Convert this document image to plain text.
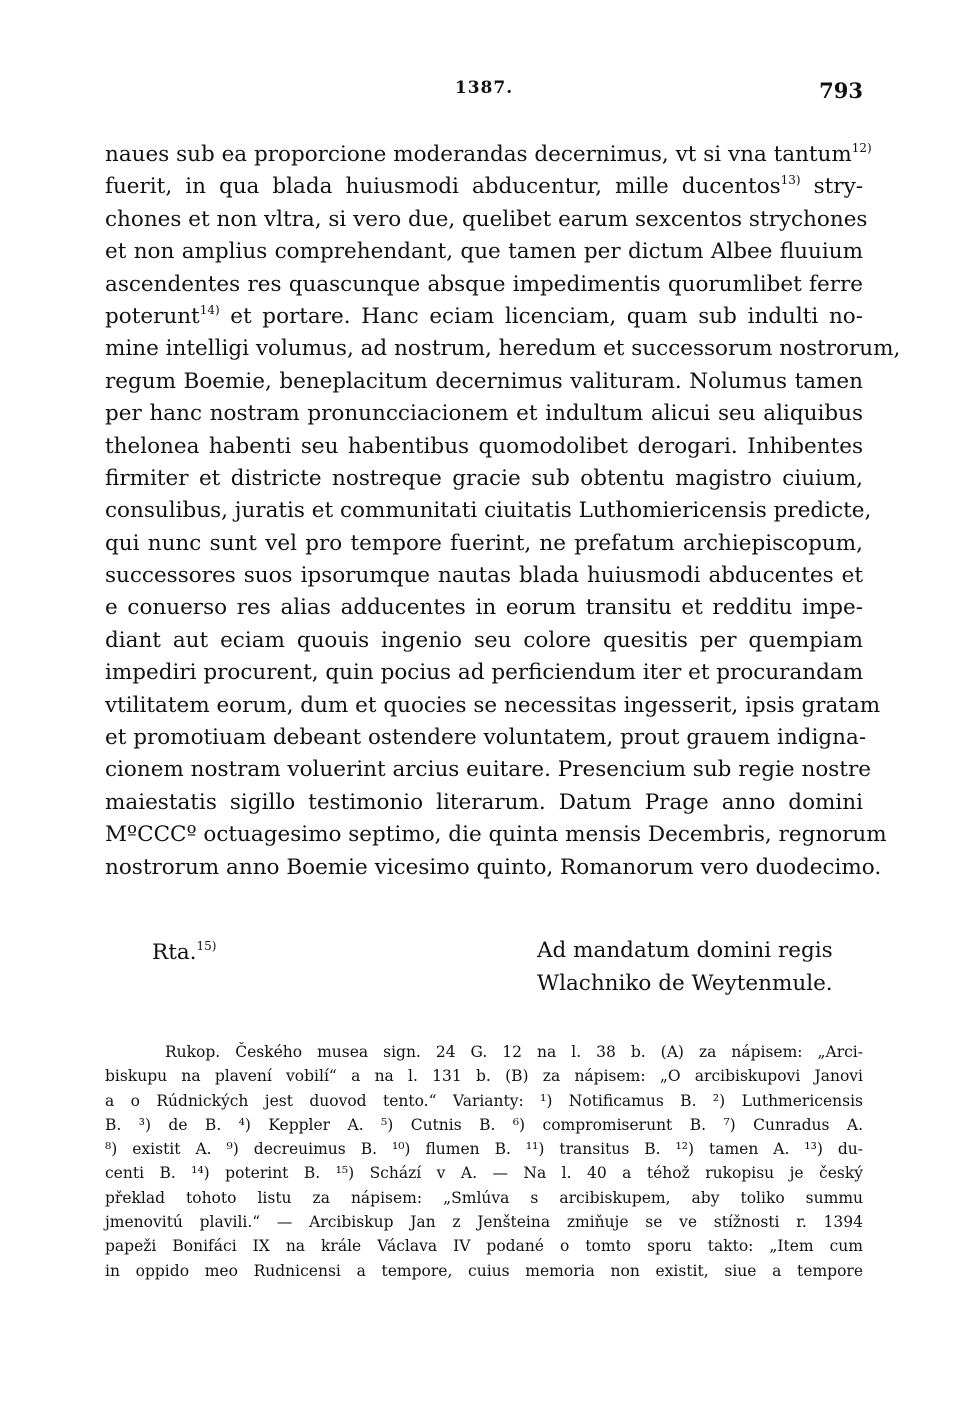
1387.	793
naues sub ea proporcione moderandas decernimus, vt si vna tantum$^{12)}$
fuerit, in qua blada huiusmodi abducentur, mille ducentos$^{13)}$ stry-
chones et non vltra, si vero due, quelibet earum sexcentos strychones
et non amplius comprehendant, que tamen per dictum Albee fluuium
ascendentes res quascunque absque impedimentis quorumlibet ferre
poterunt$^{14)}$ et portare. Hanc eciam licenciam, quam sub indulti no-
mine intelligi volumus, ad nostrum, heredum et successorum nostrorum,
regum Boemie, beneplacitum decernimus valituram. Nolumus tamen
per hanc nostram pronuncciacionem et indultum alicui seu aliquibus
thelonea habenti seu habentibus quomodolibet derogari. Inhibentes
firmiter et districte nostreque gracie sub obtentu magistro ciuium,
consulibus, juratis et communitati ciuitatis Luthomiericensis predicte,
qui nunc sunt vel pro tempore fuerint, ne prefatum archiepiscopum,
successores suos ipsorumque nautas blada huiusmodi abducentes et
e conuerso res alias adducentes in eorum transitu et redditu impe-
diant aut eciam quouis ingenio seu colore quesitis per quempiam
impediri procurent, quin pocius ad perficiendum iter et procurandam
vtilitatem eorum, dum et quocies se necessitas ingesserit, ipsis gratam
et promotiuam debeant ostendere voluntatem, prout grauem indigna-
cionem nostram voluerint arcius euitare. Presencium sub regie nostre
maiestatis sigillo testimonio literarum. Datum Prage anno domini
MºCCCº octuagesimo septimo, die quinta mensis Decembris, regnorum
nostrorum anno Boemie vicesimo quinto, Romanorum vero duodecimo.
Rta.$^{15)}$	Ad mandatum domini regis
Wlachniko de Weytenmule.
Rukop. Českého musea sign. 24 G. 12 na l. 38 b. (A) za nápisem: „Arci-
biskupu na plavení vobilí“ a na l. 131 b. (B) za nápisem: „O arcibiskupovi Janovi
a o Rúdnických jest duovod tento.“ Varianty: ¹) Notificamus B. ²) Luthmericensis
B. ³) de B. ⁴) Keppler A. ⁵) Cutnis B. ⁶) compromiserunt B. ⁷) Cunradus A.
⁸) existit A. ⁹) decreuimus B. ¹⁰) flumen B. ¹¹) transitus B. ¹²) tamen A. ¹³) du-
centi B. ¹⁴) poterint B. ¹⁵) Schází v A. — Na l. 40 a téhož rukopisu je český
překlad tohoto listu za nápisem: „Smlúva s arcibiskupem, aby toliko summu
jmenovitú plavili.“ — Arcibiskup Jan z Jenšteina zmiňuje se ve stížnosti r. 1394
papeži Bonifáci IX na krále Václava IV podané o tomto sporu takto: „Item cum
in oppido meo Rudnicensi a tempore, cuius memoria non existit, siue a tempore
